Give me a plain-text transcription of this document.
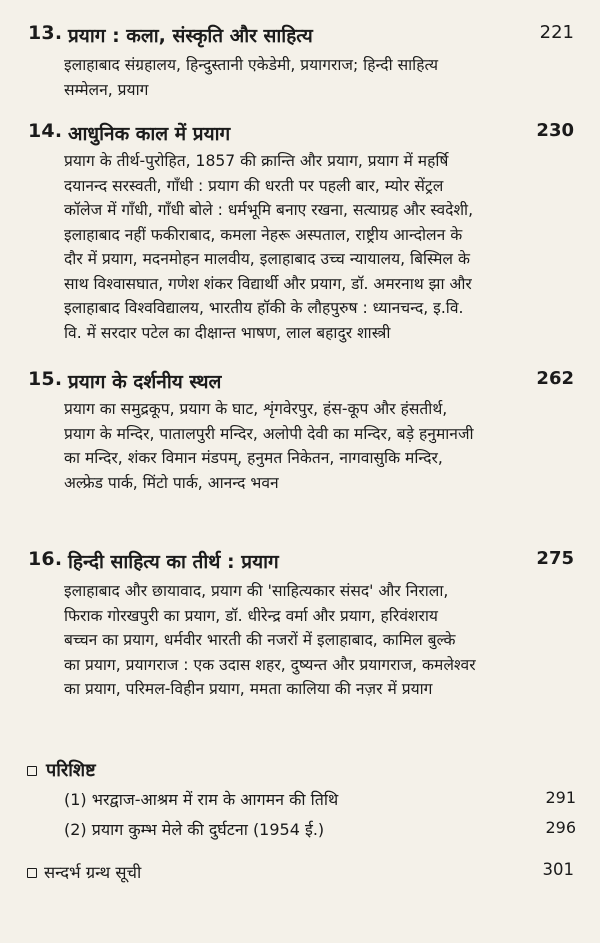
13. प्रयाग : कला, संस्कृति और साहित्य	221
इलाहाबाद संग्रहालय, हिन्दुस्तानी एकेडेमी, प्रयागराज; हिन्दी साहित्य
सम्मेलन, प्रयाग
14. आधुनिक काल में प्रयाग	230
प्रयाग के तीर्थ-पुरोहित, 1857 की क्रान्ति और प्रयाग, प्रयाग में महर्षि
दयानन्द सरस्वती, गाँधी : प्रयाग की धरती पर पहली बार, म्योर सेंट्रल
कॉलेज में गाँधी, गाँधी बोले : धर्मभूमि बनाए रखना, सत्याग्रह और स्वदेशी,
इलाहाबाद नहीं फकीराबाद, कमला नेहरू अस्पताल, राष्ट्रीय आन्दोलन के
दौर में प्रयाग, मदनमोहन मालवीय, इलाहाबाद उच्च न्यायालय, बिस्मिल के
साथ विश्वासघात, गणेश शंकर विद्यार्थी और प्रयाग, डॉ. अमरनाथ झा और
इलाहाबाद विश्वविद्यालय, भारतीय हॉकी के लौहपुरुष : ध्यानचन्द, इ.वि.
वि. में सरदार पटेल का दीक्षान्त भाषण, लाल बहादुर शास्त्री
15. प्रयाग के दर्शनीय स्थल	262
प्रयाग का समुद्रकूप, प्रयाग के घाट, शृंगवेरपुर, हंस-कूप और हंसतीर्थ,
प्रयाग के मन्दिर, पातालपुरी मन्दिर, अलोपी देवी का मन्दिर, बड़े हनुमानजी
का मन्दिर, शंकर विमान मंडपम्, हनुमत निकेतन, नागवासुकि मन्दिर,
अल्फ्रेड पार्क, मिंटो पार्क, आनन्द भवन
16. हिन्दी साहित्य का तीर्थ : प्रयाग	275
इलाहाबाद और छायावाद, प्रयाग की 'साहित्यकार संसद' और निराला,
फिराक गोरखपुरी का प्रयाग, डॉ. धीरेन्द्र वर्मा और प्रयाग, हरिवंशराय
बच्चन का प्रयाग, धर्मवीर भारती की नजरों में इलाहाबाद, कामिल बुल्के
का प्रयाग, प्रयागराज : एक उदास शहर, दुष्यन्त और प्रयागराज, कमलेश्वर
का प्रयाग, परिमल-विहीन प्रयाग, ममता कालिया की नज़र में प्रयाग
परिशिष्ट
(1) भरद्वाज-आश्रम में राम के आगमन की तिथि	291
(2) प्रयाग कुम्भ मेले की दुर्घटना (1954 ई.)	296
सन्दर्भ ग्रन्थ सूची	301
